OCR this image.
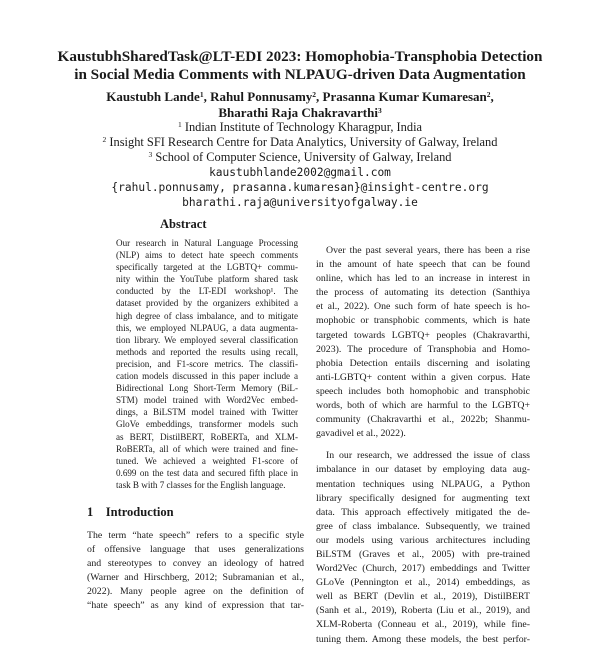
KaustubhSharedTask@LT-EDI 2023: Homophobia-Transphobia Detection
in Social Media Comments with NLPAUG-driven Data Augmentation
Kaustubh Lande$^1$, Rahul Ponnusamy$^2$, Prasanna Kumar Kumaresan$^2$,
Bharathi Raja Chakravarthi$^3$
$^1$ Indian Institute of Technology Kharagpur, India
$^2$ Insight SFI Research Centre for Data Analytics, University of Galway, Ireland
$^3$ School of Computer Science, University of Galway, Ireland
kaustubhlande2002@gmail.com
{rahul.ponnusamy, prasanna.kumaresan}@insight-centre.org
bharathi.raja@universityofgalway.ie
Abstract
Our research in Natural Language Processing
(NLP) aims to detect hate speech comments
specifically targeted at the LGBTQ+ commu-
nity within the YouTube platform shared task
conducted by the LT-EDI workshop¹. The
dataset provided by the organizers exhibited a
high degree of class imbalance, and to mitigate
this, we employed NLPAUG, a data augmenta-
tion library. We employed several classification
methods and reported the results using recall,
precision, and F1-score metrics. The classifi-
cation models discussed in this paper include a
Bidirectional Long Short-Term Memory (BiL-
STM) model trained with Word2Vec embed-
dings, a BiLSTM model trained with Twitter
GloVe embeddings, transformer models such
as BERT, DistilBERT, RoBERTa, and XLM-
RoBERTa, all of which were trained and fine-
tuned. We achieved a weighted F1-score of
0.699 on the test data and secured fifth place in
task B with 7 classes for the English language.
1 Introduction
The term “hate speech” refers to a specific style
of offensive language that uses generalizations
and stereotypes to convey an ideology of hatred
(Warner and Hirschberg, 2012; Subramanian et al.,
2022). Many people agree on the definition of
“hate speech” as any kind of expression that tar-
Over the past several years, there has been a rise
in the amount of hate speech that can be found
online, which has led to an increase in interest in
the process of automating its detection (Santhiya
et al., 2022). One such form of hate speech is ho-
mophobic or transphobic comments, which is hate
targeted towards LGBTQ+ peoples (Chakravarthi,
2023). The procedure of Transphobia and Homo-
phobia Detection entails discerning and isolating
anti-LGBTQ+ content within a given corpus. Hate
speech includes both homophobic and transphobic
words, both of which are harmful to the LGBTQ+
community (Chakravarthi et al., 2022b; Shanmu-
gavadivel et al., 2022).
In our research, we addressed the issue of class
imbalance in our dataset by employing data aug-
mentation techniques using NLPAUG, a Python
library specifically designed for augmenting text
data. This approach effectively mitigated the de-
gree of class imbalance. Subsequently, we trained
our models using various architectures including
BiLSTM (Graves et al., 2005) with pre-trained
Word2Vec (Church, 2017) embeddings and Twitter
GLoVe (Pennington et al., 2014) embeddings, as
well as BERT (Devlin et al., 2019), DistilBERT
(Sanh et al., 2019), Roberta (Liu et al., 2019), and
XLM-Roberta (Conneau et al., 2019), while fine-
tuning them. Among these models, the best perfor-
